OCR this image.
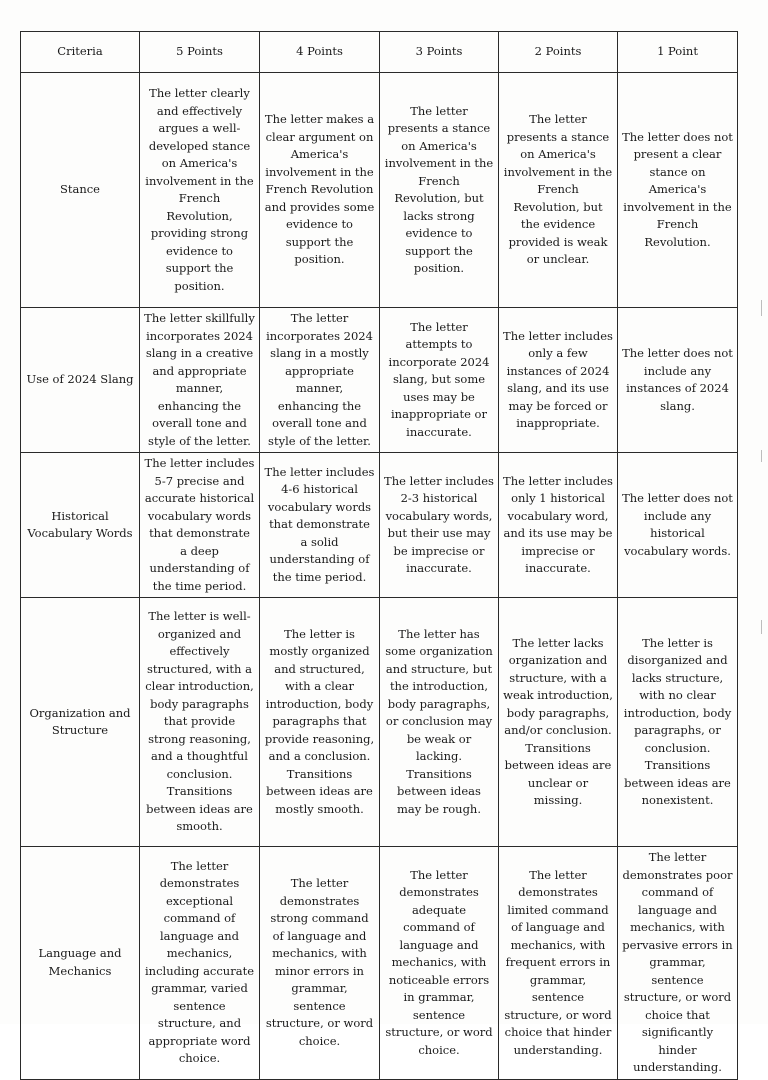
Criteria	5 Points	4 Points	3 Points	2 Points	1 Point
Stance	The letter clearly and effectively argues a well-developed stance on America's involvement in the French Revolution, providing strong evidence to support the position.	The letter makes a clear argument on America's involvement in the French Revolution and provides some evidence to support the position.	The letter presents a stance on America's involvement in the French Revolution, but lacks strong evidence to support the position.	The letter presents a stance on America's involvement in the French Revolution, but the evidence provided is weak or unclear.	The letter does not present a clear stance on America's involvement in the French Revolution.
Use of 2024 Slang	The letter skillfully incorporates 2024 slang in a creative and appropriate manner, enhancing the overall tone and style of the letter.	The letter incorporates 2024 slang in a mostly appropriate manner, enhancing the overall tone and style of the letter.	The letter attempts to incorporate 2024 slang, but some uses may be inappropriate or inaccurate.	The letter includes only a few instances of 2024 slang, and its use may be forced or inappropriate.	The letter does not include any instances of 2024 slang.
Historical Vocabulary Words	The letter includes 5-7 precise and accurate historical vocabulary words that demonstrate a deep understanding of the time period.	The letter includes 4-6 historical vocabulary words that demonstrate a solid understanding of the time period.	The letter includes 2-3 historical vocabulary words, but their use may be imprecise or inaccurate.	The letter includes only 1 historical vocabulary word, and its use may be imprecise or inaccurate.	The letter does not include any historical vocabulary words.
Organization and Structure	The letter is well-organized and effectively structured, with a clear introduction, body paragraphs that provide strong reasoning, and a thoughtful conclusion. Transitions between ideas are smooth.	The letter is mostly organized and structured, with a clear introduction, body paragraphs that provide reasoning, and a conclusion. Transitions between ideas are mostly smooth.	The letter has some organization and structure, but the introduction, body paragraphs, or conclusion may be weak or lacking. Transitions between ideas may be rough.	The letter lacks organization and structure, with a weak introduction, body paragraphs, and/or conclusion. Transitions between ideas are unclear or missing.	The letter is disorganized and lacks structure, with no clear introduction, body paragraphs, or conclusion. Transitions between ideas are nonexistent.
Language and Mechanics	The letter demonstrates exceptional command of language and mechanics, including accurate grammar, varied sentence structure, and appropriate word choice.	The letter demonstrates strong command of language and mechanics, with minor errors in grammar, sentence structure, or word choice.	The letter demonstrates adequate command of language and mechanics, with noticeable errors in grammar, sentence structure, or word choice.	The letter demonstrates limited command of language and mechanics, with frequent errors in grammar, sentence structure, or word choice that hinder understanding.	The letter demonstrates poor command of language and mechanics, with pervasive errors in grammar, sentence structure, or word choice that significantly hinder understanding.
